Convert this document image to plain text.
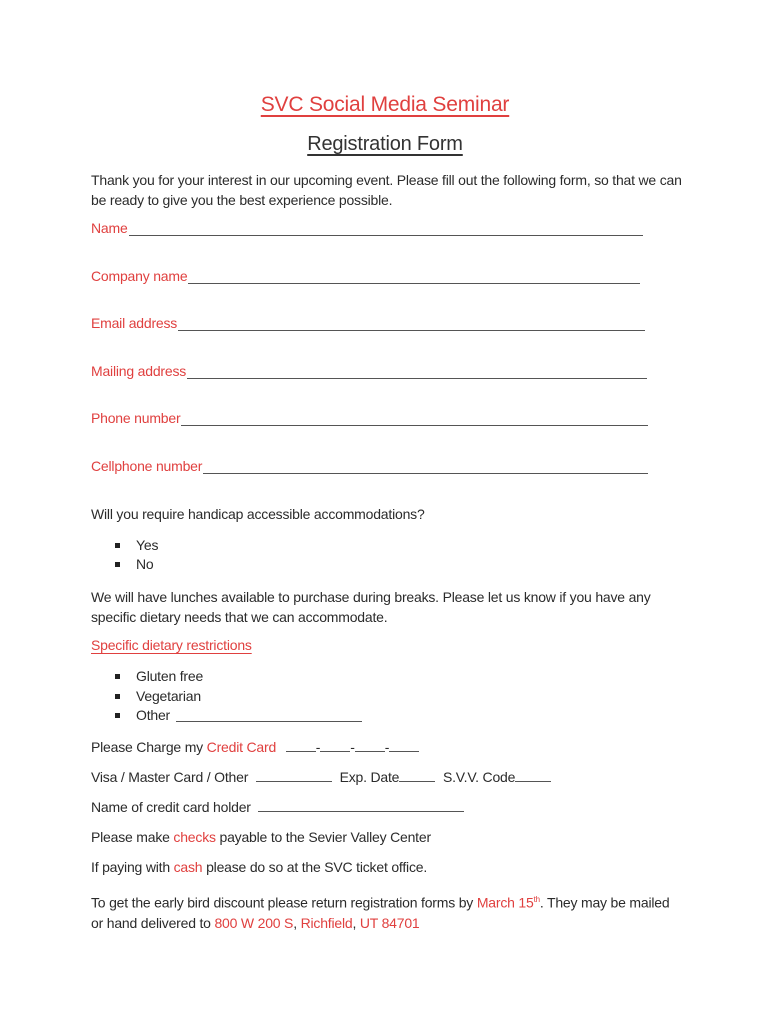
SVC Social Media Seminar
Registration Form
Thank you for your interest in our upcoming event. Please fill out the following form, so that we can be ready to give you the best experience possible.
Name
Company name
Email address
Mailing address
Phone number
Cellphone number
Will you require handicap accessible accommodations?
Yes
No
We will have lunches available to purchase during breaks. Please let us know if you have any specific dietary needs that we can accommodate.
Specific dietary restrictions
Gluten free
Vegetarian
Other
Please Charge my Credit Card	- - -
Visa / Master Card / Other	Exp. Date	S.V.V. Code
Name of credit card holder
Please make checks payable to the Sevier Valley Center
If paying with cash please do so at the SVC ticket office.
To get the early bird discount please return registration forms by March 15th. They may be mailed or hand delivered to 800 W 200 S, Richfield, UT 84701
